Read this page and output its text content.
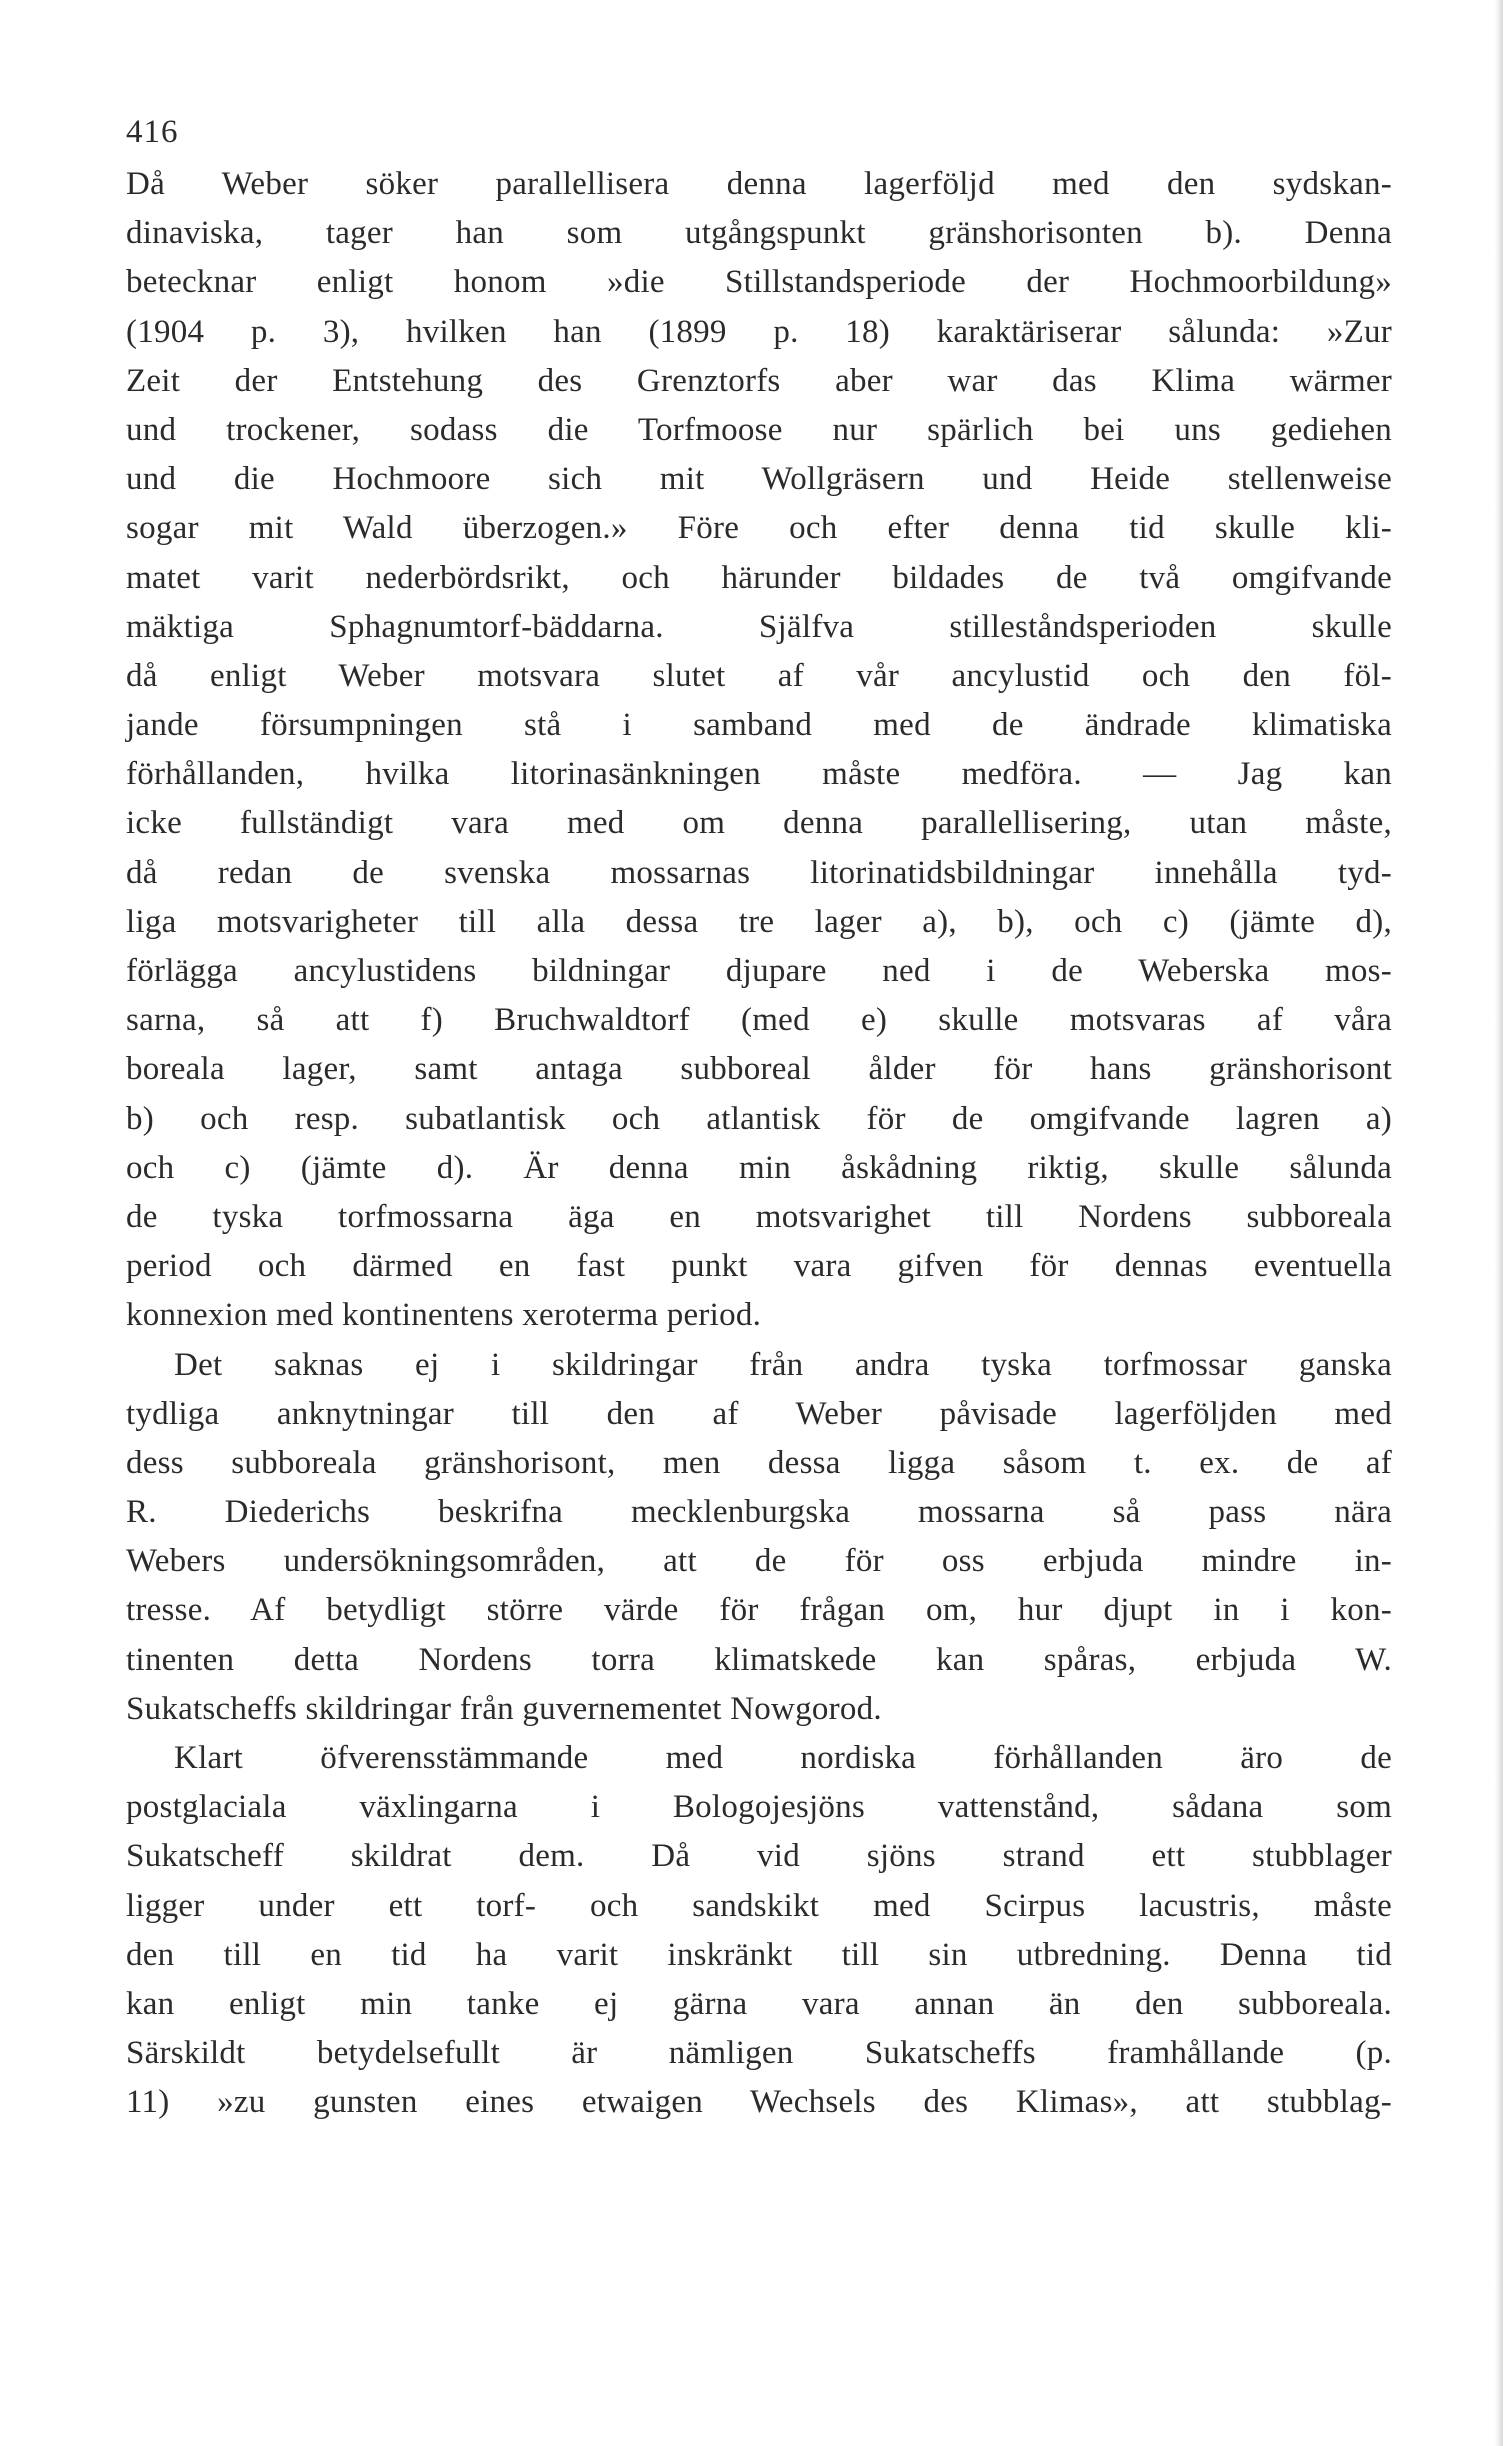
416
Då Weber söker parallellisera denna lagerföljd med den sydskan-
dinaviska, tager han som utgångspunkt gränshorisonten b). Denna
betecknar enligt honom »die Stillstandsperiode der Hochmoorbildung»
(1904 p. 3), hvilken han (1899 p. 18) karaktäriserar sålunda: »Zur
Zeit der Entstehung des Grenztorfs aber war das Klima wärmer
und trockener, sodass die Torfmoose nur spärlich bei uns gediehen
und die Hochmoore sich mit Wollgräsern und Heide stellenweise
sogar mit Wald überzogen.» Före och efter denna tid skulle kli-
matet varit nederbördsrikt, och härunder bildades de två omgifvande
mäktiga Sphagnumtorf-bäddarna. Själfva stilleståndsperioden skulle
då enligt Weber motsvara slutet af vår ancylustid och den föl-
jande försumpningen stå i samband med de ändrade klimatiska
förhållanden, hvilka litorinasänkningen måste medföra. — Jag kan
icke fullständigt vara med om denna parallellisering, utan måste,
då redan de svenska mossarnas litorinatidsbildningar innehålla tyd-
liga motsvarigheter till alla dessa tre lager a), b), och c) (jämte d),
förlägga ancylustidens bildningar djupare ned i de Weberska mos-
sarna, så att f) Bruchwaldtorf (med e) skulle motsvaras af våra
boreala lager, samt antaga subboreal ålder för hans gränshorisont
b) och resp. subatlantisk och atlantisk för de omgifvande lagren a)
och c) (jämte d). Är denna min åskådning riktig, skulle sålunda
de tyska torfmossarna äga en motsvarighet till Nordens subboreala
period och därmed en fast punkt vara gifven för dennas eventuella
konnexion med kontinentens xeroterma period.
Det saknas ej i skildringar från andra tyska torfmossar ganska
tydliga anknytningar till den af Weber påvisade lagerföljden med
dess subboreala gränshorisont, men dessa ligga såsom t. ex. de af
R. Diederichs beskrifna mecklenburgska mossarna så pass nära
Webers undersökningsområden, att de för oss erbjuda mindre in-
tresse. Af betydligt större värde för frågan om, hur djupt in i kon-
tinenten detta Nordens torra klimatskede kan spåras, erbjuda W.
Sukatscheffs skildringar från guvernementet Nowgorod.
Klart öfverensstämmande med nordiska förhållanden äro de
postglaciala växlingarna i Bologojesjöns vattenstånd, sådana som
Sukatscheff skildrat dem. Då vid sjöns strand ett stubblager
ligger under ett torf- och sandskikt med Scirpus lacustris, måste
den till en tid ha varit inskränkt till sin utbredning. Denna tid
kan enligt min tanke ej gärna vara annan än den subboreala.
Särskildt betydelsefullt är nämligen Sukatscheffs framhållande (p.
11) »zu gunsten eines etwaigen Wechsels des Klimas», att stubblag-
